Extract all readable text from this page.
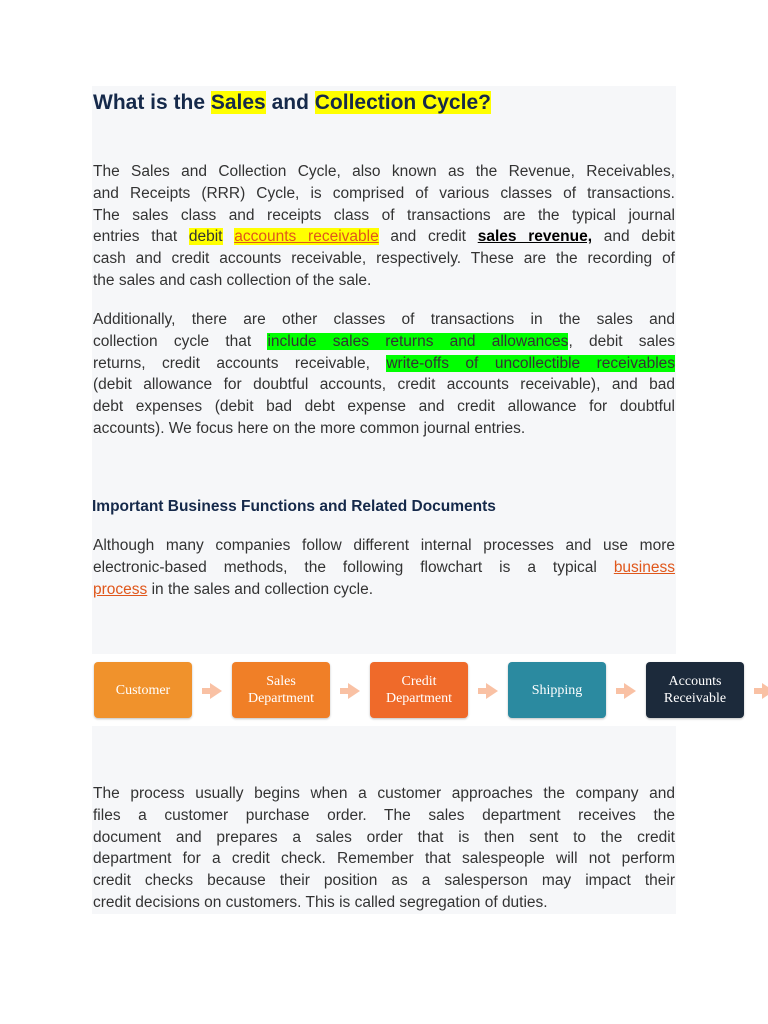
What is the Sales and Collection Cycle?
The Sales and Collection Cycle, also known as the Revenue, Receivables,
and Receipts (RRR) Cycle, is comprised of various classes of transactions.
The sales class and receipts class of transactions are the typical journal
entries that debit accounts receivable and credit sales revenue, and debit
cash and credit accounts receivable, respectively. These are the recording of
the sales and cash collection of the sale.
Additionally, there are other classes of transactions in the sales and
collection cycle that include sales returns and allowances, debit sales
returns, credit accounts receivable, write-offs of uncollectible receivables
(debit allowance for doubtful accounts, credit accounts receivable), and bad
debt expenses (debit bad debt expense and credit allowance for doubtful
accounts). We focus here on the more common journal entries.
Important Business Functions and Related Documents
Although many companies follow different internal processes and use more
electronic-based methods, the following flowchart is a typical business
process in the sales and collection cycle.
Customer
Sales Department
Credit Department
Shipping
Accounts Receivable
The process usually begins when a customer approaches the company and
files a customer purchase order. The sales department receives the
document and prepares a sales order that is then sent to the credit
department for a credit check. Remember that salespeople will not perform
credit checks because their position as a salesperson may impact their
credit decisions on customers. This is called segregation of duties.
